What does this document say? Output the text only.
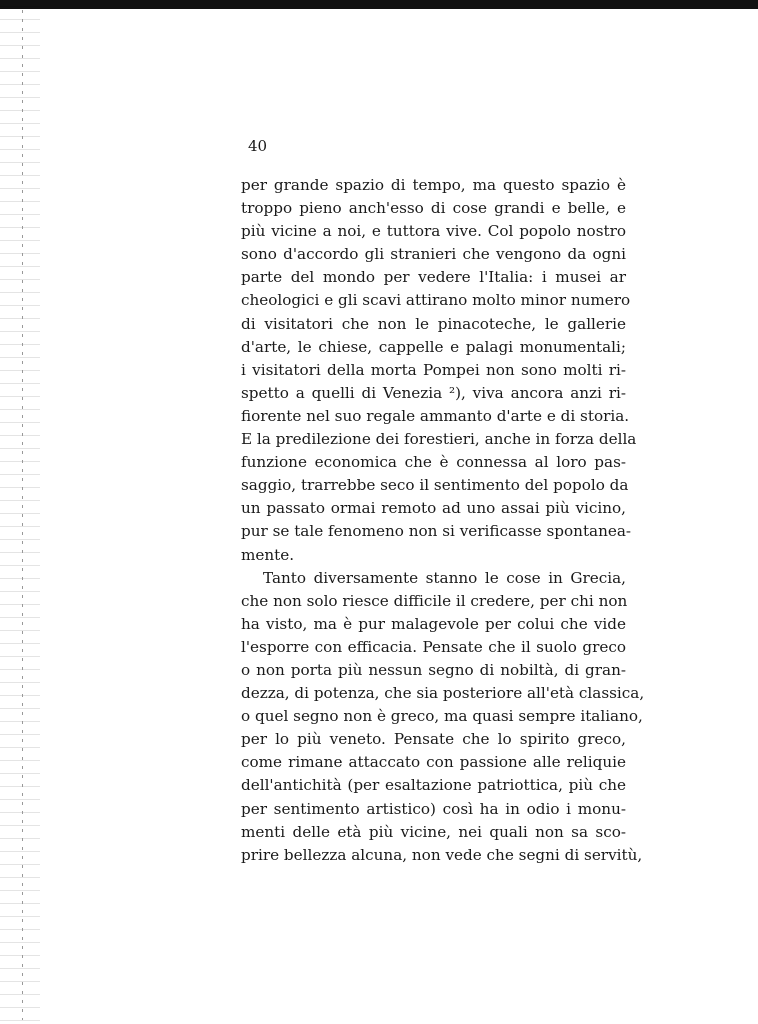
40
per grande spazio di tempo, ma questo spazio è
troppo pieno anch'esso di cose grandi e belle, e
più vicine a noi, e tuttora vive. Col popolo nostro
sono d'accordo gli stranieri che vengono da ogni
parte del mondo per vedere l'Italia: i musei ar
cheologici e gli scavi attirano molto minor numero
di visitatori che non le pinacoteche, le gallerie
d'arte, le chiese, cappelle e palagi monumentali;
i visitatori della morta Pompei non sono molti ri-
spetto a quelli di Venezia ²), viva ancora anzi ri-
fiorente nel suo regale ammanto d'arte e di storia.
E la predilezione dei forestieri, anche in forza della
funzione economica che è connessa al loro pas-
saggio, trarrebbe seco il sentimento del popolo da
un passato ormai remoto ad uno assai più vicino,
pur se tale fenomeno non si verificasse spontanea-
mente.
Tanto diversamente stanno le cose in Grecia,
che non solo riesce difficile il credere, per chi non
ha visto, ma è pur malagevole per colui che vide
l'esporre con efficacia. Pensate che il suolo greco
o non porta più nessun segno di nobiltà, di gran-
dezza, di potenza, che sia posteriore all'età classica,
o quel segno non è greco, ma quasi sempre italiano,
per lo più veneto. Pensate che lo spirito greco,
come rimane attaccato con passione alle reliquie
dell'antichità (per esaltazione patriottica, più che
per sentimento artistico) così ha in odio i monu-
menti delle età più vicine, nei quali non sa sco-
prire bellezza alcuna, non vede che segni di servitù,
